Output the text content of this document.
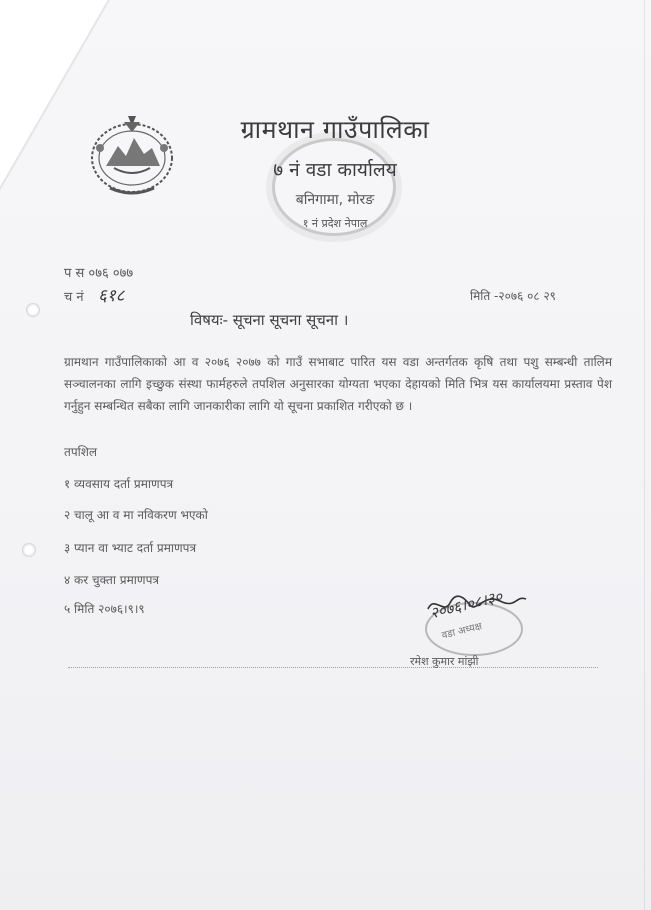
ग्रामथान गाउँपालिका
७ नं वडा कार्यालय
बनिगामा, मोरङ
१ नं प्रदेश नेपाल
प स ०७६ ०७७
च नं ६१८	मिति -२०७६ ०८ २९
विषयः- सूचना सूचना सूचना ।
ग्रामथान गाउँपालिकाको आ व २०७६ २०७७ को गाउँ सभाबाट पारित यस वडा अन्तर्गतक कृषि तथा पशु सम्बन्धी तालिम सञ्चालनका लागि इच्छुक संस्था फार्महरुले तपशिल अनुसारका योग्यता भएका देहायको मिति भित्र यस कार्यालयमा प्रस्ताव पेश गर्नुहुन सम्बन्धित सबैका लागि जानकारीका लागि यो सूचना प्रकाशित गरीएको छ ।
तपशिल
१ व्यवसाय दर्ता प्रमाणपत्र
२ चालू आ व मा नविकरण भएको
३ प्यान वा भ्याट दर्ता प्रमाणपत्र
४ कर चुक्ता प्रमाणपत्र
५ मिति २०७६।९।९	२०७६।०८।३०
वडा अध्यक्ष
रमेश कुमार मांझी
